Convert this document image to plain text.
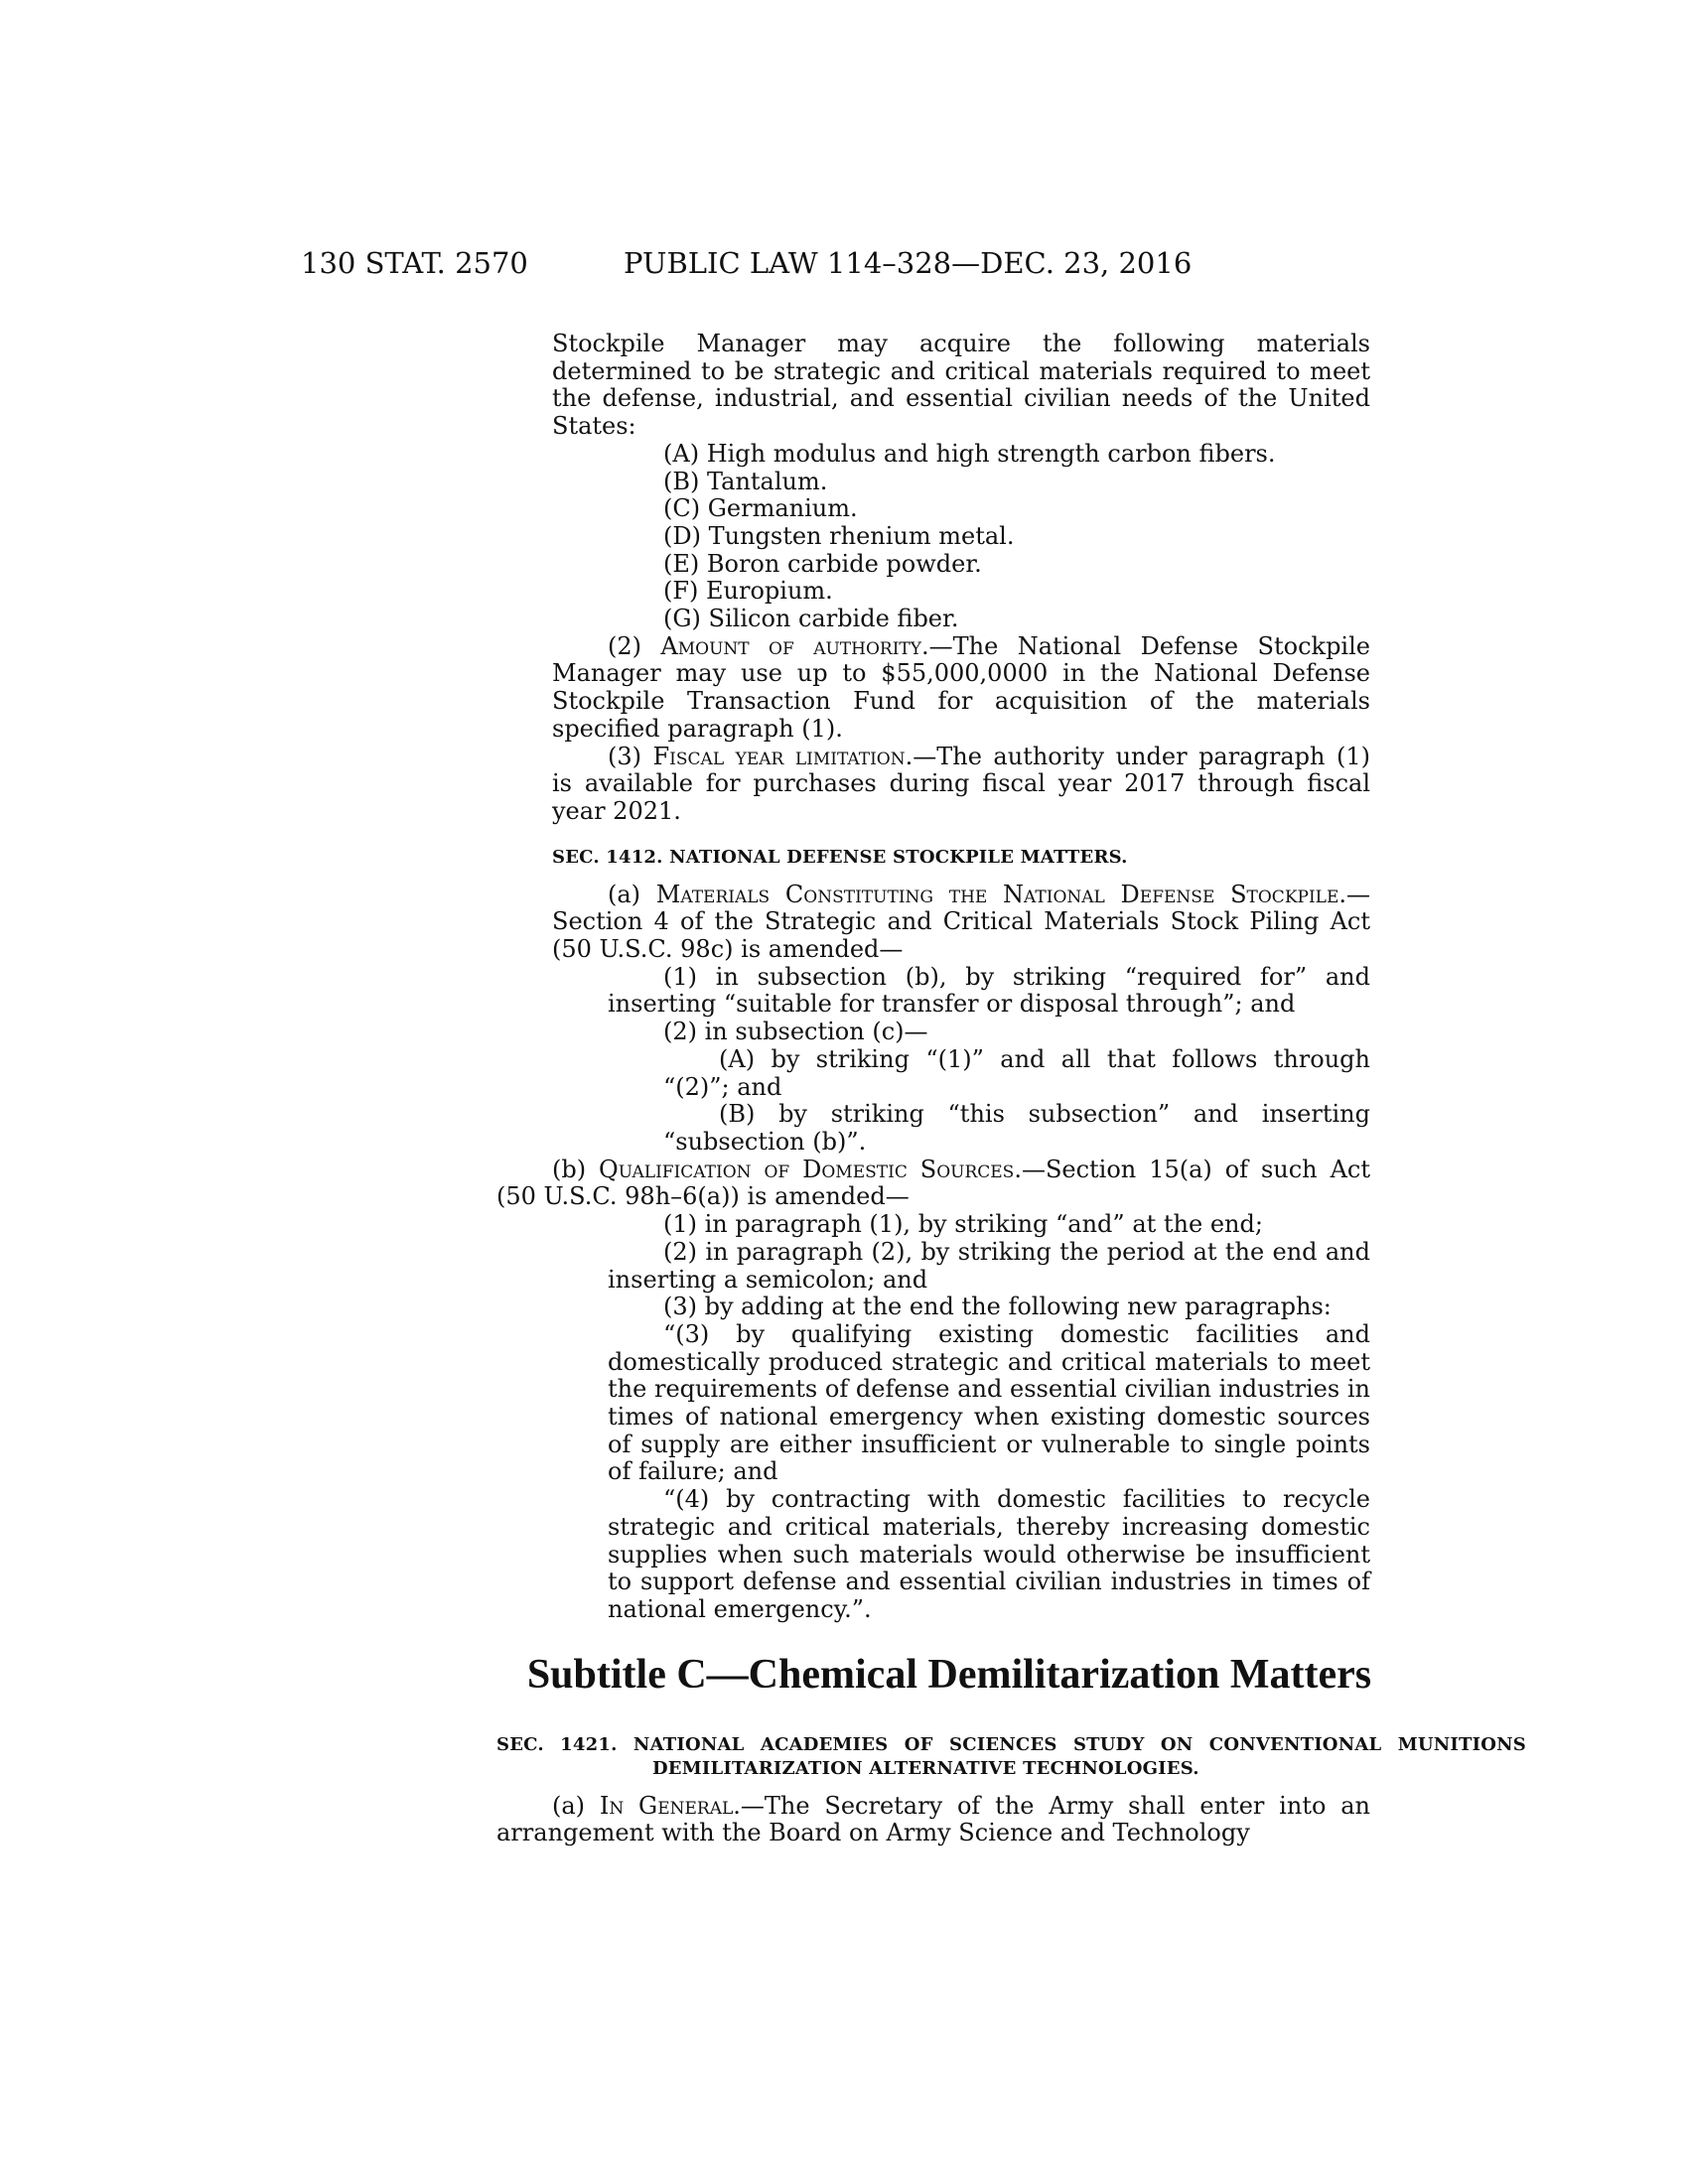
130 STAT. 2570	PUBLIC LAW 114–328—DEC. 23, 2016

Stockpile Manager may acquire the following materials determined to be strategic and critical materials required to meet the defense, industrial, and essential civilian needs of the United States:

(A) High modulus and high strength carbon fibers.
(B) Tantalum.
(C) Germanium.
(D) Tungsten rhenium metal.
(E) Boron carbide powder.
(F) Europium.
(G) Silicon carbide fiber.

(2) Amount of authority.—The National Defense Stockpile Manager may use up to $55,000,0000 in the National Defense Stockpile Transaction Fund for acquisition of the materials specified paragraph (1).

(3) Fiscal year limitation.—The authority under paragraph (1) is available for purchases during fiscal year 2017 through fiscal year 2021.

SEC. 1412. NATIONAL DEFENSE STOCKPILE MATTERS.

(a) Materials Constituting the National Defense Stockpile.—Section 4 of the Strategic and Critical Materials Stock Piling Act (50 U.S.C. 98c) is amended—

(1) in subsection (b), by striking “required for” and inserting “suitable for transfer or disposal through”; and

(2) in subsection (c)—

(A) by striking “(1)” and all that follows through “(2)”; and

(B) by striking “this subsection” and inserting “subsection (b)”.

(b) Qualification of Domestic Sources.—Section 15(a) of such Act (50 U.S.C. 98h–6(a)) is amended—

(1) in paragraph (1), by striking “and” at the end;

(2) in paragraph (2), by striking the period at the end and inserting a semicolon; and

(3) by adding at the end the following new paragraphs:

“(3) by qualifying existing domestic facilities and domestically produced strategic and critical materials to meet the requirements of defense and essential civilian industries in times of national emergency when existing domestic sources of supply are either insufficient or vulnerable to single points of failure; and

“(4) by contracting with domestic facilities to recycle strategic and critical materials, thereby increasing domestic supplies when such materials would otherwise be insufficient to support defense and essential civilian industries in times of national emergency.”.

Subtitle C—Chemical Demilitarization Matters

SEC. 1421. NATIONAL ACADEMIES OF SCIENCES STUDY ON CONVENTIONAL MUNITIONS DEMILITARIZATION ALTERNATIVE TECHNOLOGIES.

(a) In General.—The Secretary of the Army shall enter into an arrangement with the Board on Army Science and Technology
